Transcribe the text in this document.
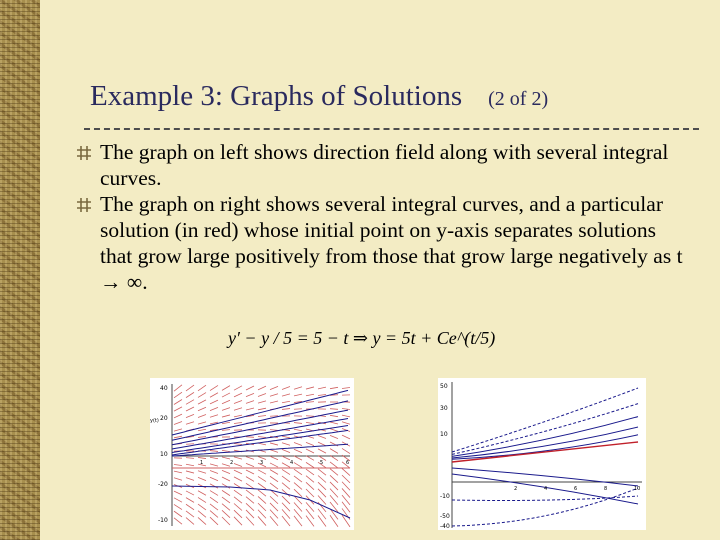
Example 3: Graphs of Solutions (2 of 2)
The graph on left shows direction field along with several integral curves.
The graph on right shows several integral curves, and a particular solution (in red) whose initial point on y-axis separates solutions that grow large positively from those that grow large negatively as t → ∞.
y′ − y / 5 = 5 − t ⇒ y = 5t + Ce^(t/5)
40
20
y(t)
10
-20
-10
1	2	3	4	5	6
50
30
10
-10
-50
-40
2	4	6	8	10
